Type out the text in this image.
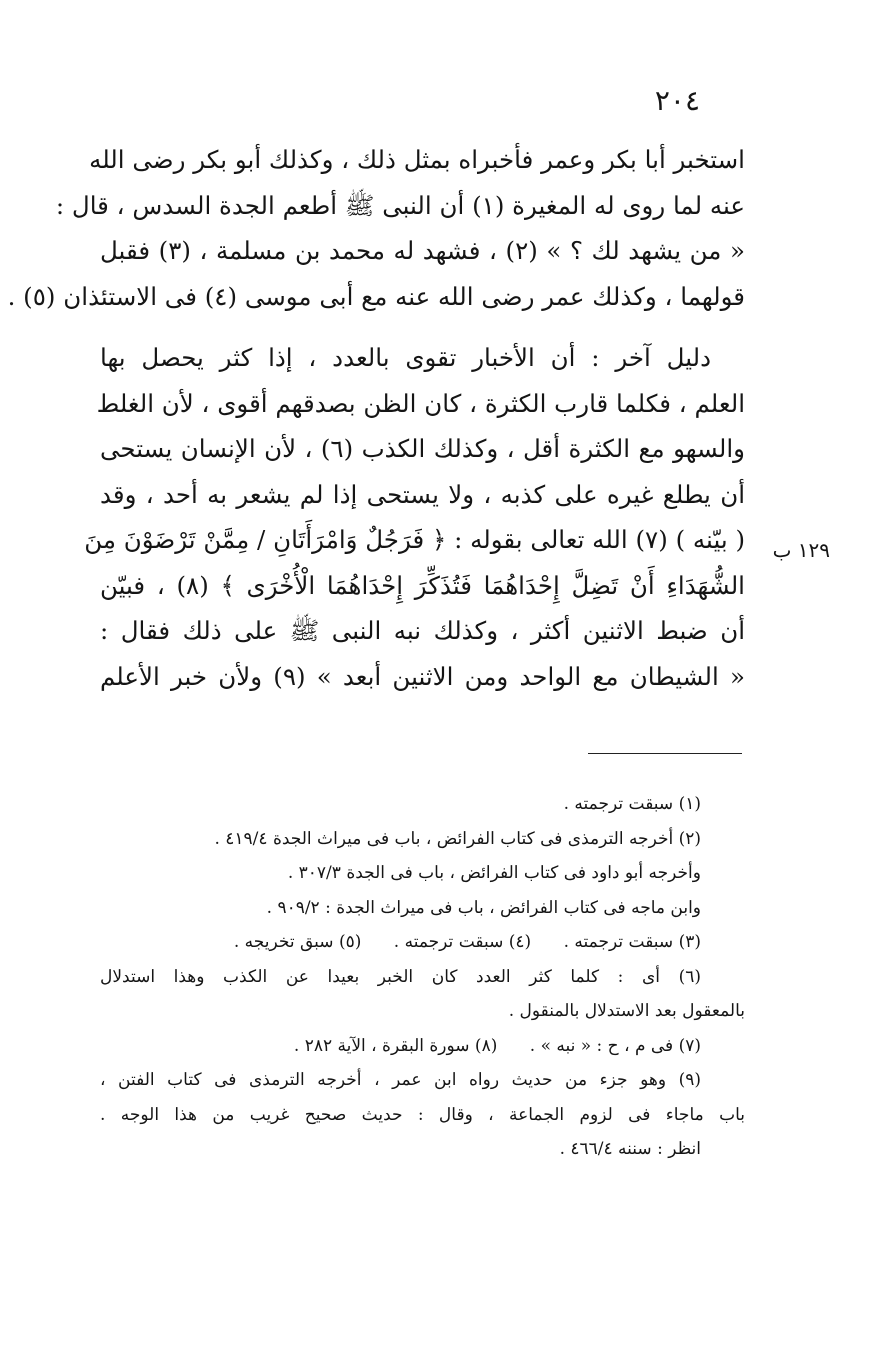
٢٠٤
استخبر أبا بكر وعمر فأخبراه بمثل ذلك ، وكذلك أبو بكر رضى الله
عنه لما روى له المغيرة (١) أن النبى ﷺ أطعم الجدة السدس ، قال :
« من يشهد لك ؟ » (٢) ، فشهد له محمد بن مسلمة ، (٣) فقبل
قولهما ، وكذلك عمر رضى الله عنه مع أبى موسى (٤) فى الاستئذان (٥) .
دليل آخر : أن الأخبار تقوى بالعدد ، إذا كثر يحصل بها
العلم ، فكلما قارب الكثرة ، كان الظن بصدقهم أقوى ، لأن الغلط
والسهو مع الكثرة أقل ، وكذلك الكذب (٦) ، لأن الإنسان يستحى
أن يطلع غيره على كذبه ، ولا يستحى إذا لم يشعر به أحد ، وقد
( بيّنه ) (٧) الله تعالى بقوله : ﴿ فَرَجُلٌ وَامْرَأَتَانِ / مِمَّنْ تَرْضَوْنَ مِنَ
الشُّهَدَاءِ أَنْ تَضِلَّ إِحْدَاهُمَا فَتُذَكِّرَ إِحْدَاهُمَا الْأُخْرَى ﴾ (٨) ، فبيّن
أن ضبط الاثنين أكثر ، وكذلك نبه النبى ﷺ على ذلك فقال :
« الشيطان مع الواحد ومن الاثنين أبعد » (٩) ولأن خبر الأعلم
١٢٩ ب
(١) سبقت ترجمته .
(٢) أخرجه الترمذى فى كتاب الفرائض ، باب فى ميراث الجدة ٤١٩/٤ .
وأخرجه أبو داود فى كتاب الفرائض ، باب فى الجدة ٣٠٧/٣ .
وابن ماجه فى كتاب الفرائض ، باب فى ميراث الجدة : ٩٠٩/٢ .
(٣) سبقت ترجمته .      (٤) سبقت ترجمته .      (٥) سبق تخريجه .
(٦) أى : كلما كثر العدد كان الخبر بعيدا عن الكذب وهذا استدلال
بالمعقول بعد الاستدلال بالمنقول .
(٧) فى م ، ح : « نبه » .      (٨) سورة البقرة ، الآية ٢٨٢ .
(٩) وهو جزء من حديث رواه ابن عمر ، أخرجه الترمذى فى كتاب الفتن ،
باب ماجاء فى لزوم الجماعة ، وقال : حديث صحيح غريب من هذا الوجه .
انظر : سننه ٤٦٦/٤ .
